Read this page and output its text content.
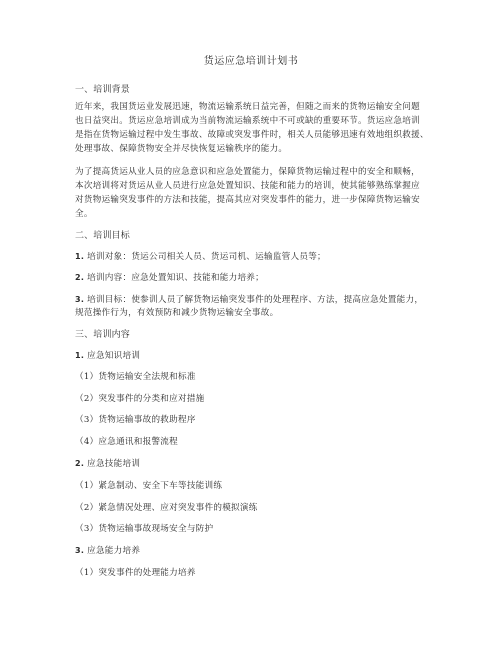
货运应急培训计划书
一、培训背景
近年来，我国货运业发展迅速，物流运输系统日益完善，但随之而来的货物运输安全问题
也日益突出。货运应急培训成为当前物流运输系统中不可或缺的重要环节。货运应急培训
是指在货物运输过程中发生事故、故障或突发事件时，相关人员能够迅速有效地组织救援、
处理事故、保障货物安全并尽快恢复运输秩序的能力。
为了提高货运从业人员的应急意识和应急处置能力，保障货物运输过程中的安全和顺畅，
本次培训将对货运从业人员进行应急处置知识、技能和能力的培训，使其能够熟练掌握应
对货物运输突发事件的方法和技能，提高其应对突发事件的能力，进一步保障货物运输安
全。
二、培训目标
1. 培训对象：货运公司相关人员、货运司机、运输监管人员等；
2. 培训内容：应急处置知识、技能和能力培养；
3. 培训目标：使参训人员了解货物运输突发事件的处理程序、方法，提高应急处置能力，
规范操作行为，有效预防和减少货物运输安全事故。
三、培训内容
1. 应急知识培训
（1）货物运输安全法规和标准
（2）突发事件的分类和应对措施
（3）货物运输事故的救助程序
（4）应急通讯和报警流程
2. 应急技能培训
（1）紧急制动、安全下车等技能训练
（2）紧急情况处理、应对突发事件的模拟演练
（3）货物运输事故现场安全与防护
3. 应急能力培养
（1）突发事件的处理能力培养
